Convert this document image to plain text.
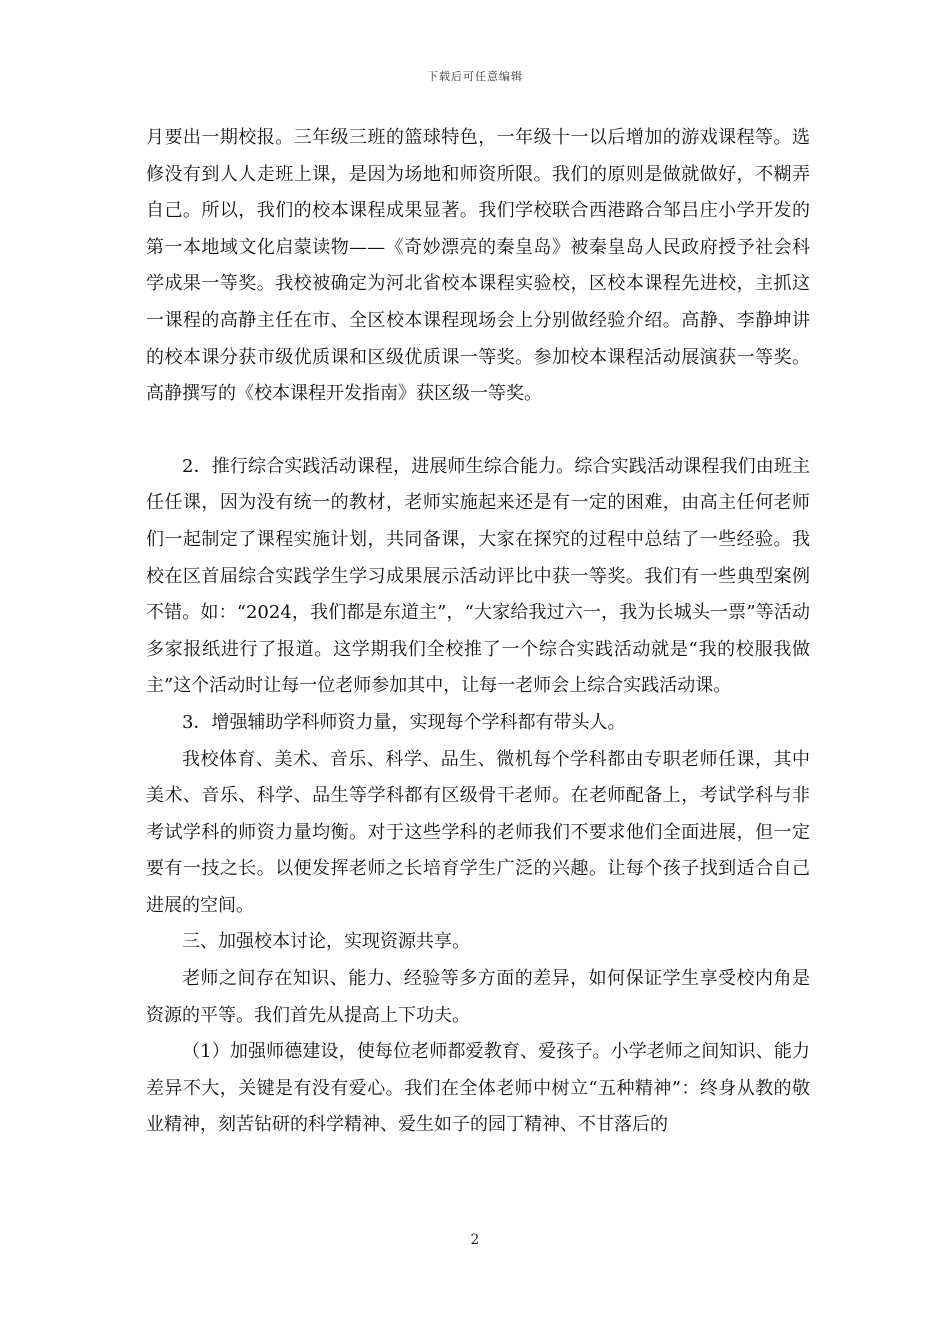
下载后可任意编辑

月要出一期校报。三年级三班的篮球特色，一年级十一以后增加的游戏课程等。选修没有到人人走班上课，是因为场地和师资所限。我们的原则是做就做好，不糊弄自己。所以，我们的校本课程成果显著。我们学校联合西港路合邹吕庄小学开发的第一本地域文化启蒙读物——《奇妙漂亮的秦皇岛》被秦皇岛人民政府授予社会科学成果一等奖。我校被确定为河北省校本课程实验校，区校本课程先进校，主抓这一课程的高静主任在市、全区校本课程现场会上分别做经验介绍。高静、李静坤讲的校本课分获市级优质课和区级优质课一等奖。参加校本课程活动展演获一等奖。高静撰写的《校本课程开发指南》获区级一等奖。

2．推行综合实践活动课程，进展师生综合能力。综合实践活动课程我们由班主任任课，因为没有统一的教材，老师实施起来还是有一定的困难，由高主任何老师们一起制定了课程实施计划，共同备课，大家在探究的过程中总结了一些经验。我校在区首届综合实践学生学习成果展示活动评比中获一等奖。我们有一些典型案例不错。如：“2024，我们都是东道主”，“大家给我过六一，我为长城头一票”等活动多家报纸进行了报道。这学期我们全校推了一个综合实践活动就是“我的校服我做主”这个活动时让每一位老师参加其中，让每一老师会上综合实践活动课。

3．增强辅助学科师资力量，实现每个学科都有带头人。

我校体育、美术、音乐、科学、品生、微机每个学科都由专职老师任课，其中美术、音乐、科学、品生等学科都有区级骨干老师。在老师配备上，考试学科与非考试学科的师资力量均衡。对于这些学科的老师我们不要求他们全面进展，但一定要有一技之长。以便发挥老师之长培育学生广泛的兴趣。让每个孩子找到适合自己进展的空间。

三、加强校本讨论，实现资源共享。

老师之间存在知识、能力、经验等多方面的差异，如何保证学生享受校内角是资源的平等。我们首先从提高上下功夫。

（1）加强师德建设，使每位老师都爱教育、爱孩子。小学老师之间知识、能力差异不大，关键是有没有爱心。我们在全体老师中树立“五种精神”：终身从教的敬业精神，刻苦钻研的科学精神、爱生如子的园丁精神、不甘落后的

2
